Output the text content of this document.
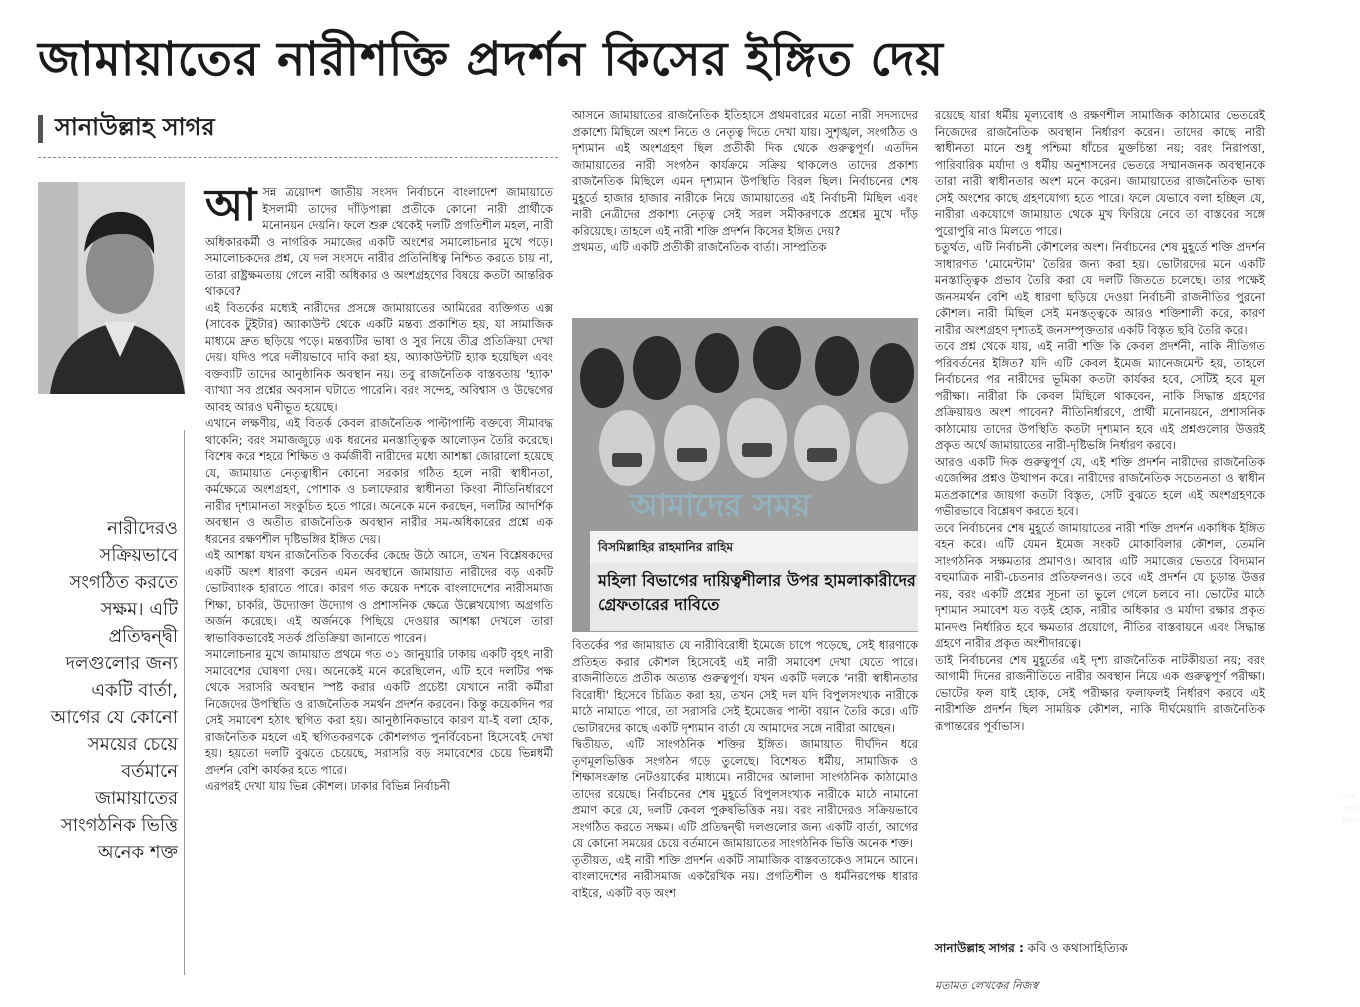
জামায়াতের নারীশক্তি প্রদর্শন কিসের ইঙ্গিত দেয়
সানাউল্লাহ সাগর
নারীদেরও সক্রিয়ভাবে সংগঠিত করতে সক্ষম। এটি প্রতিদ্বন্দ্বী দলগুলোর জন্য একটি বার্তা, আগের যে কোনো সময়ের চেয়ে বর্তমানে জামায়াতের সাংগঠনিক ভিত্তি অনেক শক্ত
আ সন্ন ত্রয়োদশ জাতীয় সংসদ নির্বাচনে বাংলাদেশ জামায়াতে ইসলামী তাদের দাঁড়িপাল্লা প্রতীকে কোনো নারী প্রার্থীকে মনোনয়ন দেয়নি। ফলে শুরু থেকেই দলটি প্রগতিশীল মহল, নারী অধিকারকর্মী ও নাগরিক সমাজের একটি অংশের সমালোচনার মুখে পড়ে। সমালোচকদের প্রশ্ন, যে দল সংসদে নারীর প্রতিনিধিত্ব নিশ্চিত করতে চায় না, তারা রাষ্ট্রক্ষমতায় গেলে নারী অধিকার ও অংশগ্রহণের বিষয়ে কতটা আন্তরিক থাকবে?

এই বিতর্কের মধ্যেই নারীদের প্রসঙ্গে জামায়াতের আমিরের ব্যক্তিগত এক্স (সাবেক টুইটার) অ্যাকাউন্ট থেকে একটি মন্তব্য প্রকাশিত হয়, যা সামাজিক মাধ্যমে দ্রুত ছড়িয়ে পড়ে। মন্তব্যটির ভাষা ও সুর নিয়ে তীব্র প্রতিক্রিয়া দেখা দেয়। যদিও পরে দলীয়ভাবে দাবি করা হয়, অ্যাকাউন্টটি হ্যাক হয়েছিল এবং বক্তব্যটি তাদের আনুষ্ঠানিক অবস্থান নয়। তবু রাজনৈতিক বাস্তবতায় 'হ্যাক' ব্যাখ্যা সব প্রশ্নের অবসান ঘটাতে পারেনি। বরং সন্দেহ, অবিশ্বাস ও উদ্বেগের আবহ আরও ঘনীভূত হয়েছে।

এখানে লক্ষণীয়, এই বিতর্ক কেবল রাজনৈতিক পাল্টাপাল্টি বক্তব্যে সীমাবদ্ধ থাকেনি; বরং সমাজজুড়ে এক ধরনের মনস্তাত্ত্বিক আলোড়ন তৈরি করেছে। বিশেষ করে শহরে শিক্ষিত ও কর্মজীবী নারীদের মধ্যে আশঙ্কা জোরালো হয়েছে যে, জামায়াত নেতৃত্বাধীন কোনো সরকার গঠিত হলে নারী স্বাধীনতা, কর্মক্ষেত্রে অংশগ্রহণ, পোশাক ও চলাফেরার স্বাধীনতা কিংবা নীতিনির্ধারণে নারীর দৃশ্যমানতা সংকুচিত হতে পারে। অনেকে মনে করছেন, দলটির আদর্শিক অবস্থান ও অতীত রাজনৈতিক অবস্থান নারীর সম-অধিকারের প্রশ্নে এক ধরনের রক্ষণশীল দৃষ্টিভঙ্গির ইঙ্গিত দেয়।

এই আশঙ্কা যখন রাজনৈতিক বিতর্কের কেন্দ্রে উঠে আসে, তখন বিশ্লেষকদের একটি অংশ ধারণা করেন এমন অবস্থানে জামায়াত নারীদের বড় একটি ভোটব্যাংক হারাতে পারে। কারণ গত কয়েক দশকে বাংলাদেশের নারীসমাজ শিক্ষা, চাকরি, উদ্যোক্তা উদ্যোগ ও প্রশাসনিক ক্ষেত্রে উল্লেখযোগ্য অগ্রগতি অর্জন করেছে। এই অর্জনকে পিছিয়ে দেওয়ার আশঙ্কা দেখলে তারা স্বাভাবিকভাবেই সতর্ক প্রতিক্রিয়া জানাতে পারেন।

সমালোচনার মুখে জামায়াত প্রথমে গত ৩১ জানুয়ারি ঢাকায় একটি বৃহৎ নারী সমাবেশের ঘোষণা দেয়। অনেকেই মনে করেছিলেন, এটি হবে দলটির পক্ষ থেকে সরাসরি অবস্থান স্পষ্ট করার একটি প্রচেষ্টা যেখানে নারী কর্মীরা নিজেদের উপস্থিতি ও রাজনৈতিক সমর্থন প্রদর্শন করবেন। কিন্তু কয়েকদিন পর সেই সমাবেশ হঠাৎ স্থগিত করা হয়। আনুষ্ঠানিকভাবে কারণ যা-ই বলা হোক, রাজনৈতিক মহলে এই স্থগিতকরণকে কৌশলগত পুনর্বিবেচনা হিসেবেই দেখা হয়। হয়তো দলটি বুঝতে চেয়েছে, সরাসরি বড় সমাবেশের চেয়ে ভিন্নধর্মী প্রদর্শন বেশি কার্যকর হতে পারে।

এরপরই দেখা যায় ভিন্ন কৌশল। ঢাকার বিভিন্ন নির্বাচনী

আসনে জামায়াতের রাজনৈতিক ইতিহাসে প্রথমবারের মতো নারী সদস্যদের প্রকাশ্যে মিছিলে অংশ নিতে ও নেতৃত্ব দিতে দেখা যায়। সুশৃঙ্খল, সংগঠিত ও দৃশ্যমান এই অংশগ্রহণ ছিল প্রতীকী দিক থেকে গুরুত্বপূর্ণ। এতদিন জামায়াতের নারী সংগঠন কার্যক্রমে সক্রিয় থাকলেও তাদের প্রকাশ্য রাজনৈতিক মিছিলে এমন দৃশ্যমান উপস্থিতি বিরল ছিল। নির্বাচনের শেষ মুহূর্তে হাজার হাজার নারীকে নিয়ে জামায়াতের এই নির্বাচনী মিছিল এবং নারী নেত্রীদের প্রকাশ্য নেতৃত্ব সেই সরল সমীকরণকে প্রশ্নের মুখে দাঁড় করিয়েছে। তাহলে এই নারী শক্তি প্রদর্শন কিসের ইঙ্গিত দেয়?

প্রথমত, এটি একটি প্রতীকী রাজনৈতিক বার্তা। সাম্প্রতিক

নতুন ধারার দৈনিক
বিসমিল্লাহির রাহমানির রাহিম
মহিলা বিভাগের দায়িত্বশীলার উপর হামলাকারীদের গ্রেফতারের দাবিতে
আমাদের সময়

বিতর্কের পর জামায়াত যে নারীবিরোধী ইমেজে চাপে পড়েছে, সেই ধারণাকে প্রতিহত করার কৌশল হিসেবেই এই নারী সমাবেশ দেখা যেতে পারে। রাজনীতিতে প্রতীক অত্যন্ত গুরুত্বপূর্ণ। যখন একটি দলকে 'নারী স্বাধীনতার বিরোধী' হিসেবে চিত্রিত করা হয়, তখন সেই দল যদি বিপুলসংখ্যক নারীকে মাঠে নামাতে পারে, তা সরাসরি সেই ইমেজের পাল্টা বয়ান তৈরি করে। এটি ভোটারদের কাছে একটি দৃশ্যমান বার্তা যে আমাদের সঙ্গে নারীরা আছেন।

দ্বিতীয়ত, এটি সাংগঠনিক শক্তির ইঙ্গিত। জামায়াত দীর্ঘদিন ধরে তৃণমূলভিত্তিক সংগঠন গড়ে তুলেছে। বিশেষত ধর্মীয়, সামাজিক ও শিক্ষাসংক্রান্ত নেটওয়ার্কের মাধ্যমে। নারীদের আলাদা সাংগঠনিক কাঠামোও তাদের রয়েছে। নির্বাচনের শেষ মুহূর্তে বিপুলসংখ্যক নারীকে মাঠে নামানো প্রমাণ করে যে, দলটি কেবল পুরুষভিত্তিক নয়। বরং নারীদেরও সক্রিয়ভাবে সংগঠিত করতে সক্ষম। এটি প্রতিদ্বন্দ্বী দলগুলোর জন্য একটি বার্তা, আগের যে কোনো সময়ের চেয়ে বর্তমানে জামায়াতের সাংগঠনিক ভিত্তি অনেক শক্ত।

তৃতীয়ত, এই নারী শক্তি প্রদর্শন একটি সামাজিক বাস্তবতাকেও সামনে আনে। বাংলাদেশের নারীসমাজ একরৈখিক নয়। প্রগতিশীল ও ধর্মনিরপেক্ষ ধারার বাইরে, একটি বড় অংশ

রয়েছে যারা ধর্মীয় মূল্যবোধ ও রক্ষণশীল সামাজিক কাঠামোর ভেতরেই নিজেদের রাজনৈতিক অবস্থান নির্ধারণ করেন। তাদের কাছে নারী স্বাধীনতা মানে শুধু পশ্চিমা ধাঁচের মুক্তচিন্তা নয়; বরং নিরাপত্তা, পারিবারিক মর্যাদা ও ধর্মীয় অনুশাসনের ভেতরে সম্মানজনক অবস্থানকে তারা নারী স্বাধীনতার অংশ মনে করেন। জামায়াতের রাজনৈতিক ভাষ্য সেই অংশের কাছে গ্রহণযোগ্য হতে পারে। ফলে যেভাবে বলা হচ্ছিল যে, নারীরা একযোগে জামায়াত থেকে মুখ ফিরিয়ে নেবে তা বাস্তবের সঙ্গে পুরোপুরি নাও মিলতে পারে।

চতুর্থত, এটি নির্বাচনী কৌশলের অংশ। নির্বাচনের শেষ মুহূর্তে শক্তি প্রদর্শন সাধারণত 'মোমেন্টাম' তৈরির জন্য করা হয়। ভোটারদের মনে একটি মনস্তাত্ত্বিক প্রভাব তৈরি করা যে দলটি জিততে চলেছে। তার পক্ষেই জনসমর্থন বেশি এই ধারণা ছড়িয়ে দেওয়া নির্বাচনী রাজনীতির পুরনো কৌশল। নারী মিছিল সেই মনস্তত্ত্বকে আরও শক্তিশালী করে, কারণ নারীর অংশগ্রহণ দৃশ্যতই জনসম্পৃক্ততার একটি বিস্তৃত ছবি তৈরি করে।

তবে প্রশ্ন থেকে যায়, এই নারী শক্তি কি কেবল প্রদর্শনী, নাকি নীতিগত পরিবর্তনের ইঙ্গিত? যদি এটি কেবল ইমেজ ম্যানেজমেন্ট হয়, তাহলে নির্বাচনের পর নারীদের ভূমিকা কতটা কার্যকর হবে, সেটিই হবে মূল পরীক্ষা। নারীরা কি কেবল মিছিলে থাকবেন, নাকি সিদ্ধান্ত গ্রহণের প্রক্রিয়ায়ও অংশ পাবেন? নীতিনির্ধারণে, প্রার্থী মনোনয়নে, প্রশাসনিক কাঠামোয় তাদের উপস্থিতি কতটা দৃশ্যমান হবে এই প্রশ্নগুলোর উত্তরই প্রকৃত অর্থে জামায়াতের নারী-দৃষ্টিভঙ্গি নির্ধারণ করবে।

আরও একটি দিক গুরুত্বপূর্ণ যে, এই শক্তি প্রদর্শন নারীদের রাজনৈতিক এজেন্সির প্রশ্নও উত্থাপন করে। নারীদের রাজনৈতিক সচেতনতা ও স্বাধীন মতপ্রকাশের জায়গা কতটা বিস্তৃত, সেটি বুঝতে হলে এই অংশগ্রহণকে গভীরভাবে বিশ্লেষণ করতে হবে।

তবে নির্বাচনের শেষ মুহূর্তে জামায়াতের নারী শক্তি প্রদর্শন একাধিক ইঙ্গিত বহন করে। এটি যেমন ইমেজ সংকট মোকাবিলার কৌশল, তেমনি সাংগঠনিক সক্ষমতার প্রমাণও। আবার এটি সমাজের ভেতরে বিদ্যমান বহুমাত্রিক নারী-চেতনার প্রতিফলনও। তবে এই প্রদর্শন যে চূড়ান্ত উত্তর নয়, বরং একটি প্রশ্নের সূচনা তা ভুলে গেলে চলবে না। ভোটের মাঠে দৃশ্যমান সমাবেশ যত বড়ই হোক, নারীর অধিকার ও মর্যাদা রক্ষার প্রকৃত মানদণ্ড নির্ধারিত হবে ক্ষমতার প্রয়োগে, নীতির বাস্তবায়নে এবং সিদ্ধান্ত গ্রহণে নারীর প্রকৃত অংশীদারত্বে।

তাই নির্বাচনের শেষ মুহূর্তের এই দৃশ্য রাজনৈতিক নাটকীয়তা নয়; বরং আগামী দিনের রাজনীতিতে নারীর অবস্থান নিয়ে এক গুরুত্বপূর্ণ পরীক্ষা। ভোটের ফল যাই হোক, সেই পরীক্ষার ফলাফলই নির্ধারণ করবে এই নারীশক্তি প্রদর্শন ছিল সাময়িক কৌশল, নাকি দীর্ঘমেয়াদি রাজনৈতিক রূপান্তরের পূর্বাভাস।

সানাউল্লাহ সাগর : কবি ও কথাসাহিত্যিক
মতামত লেখকের নিজস্ব
